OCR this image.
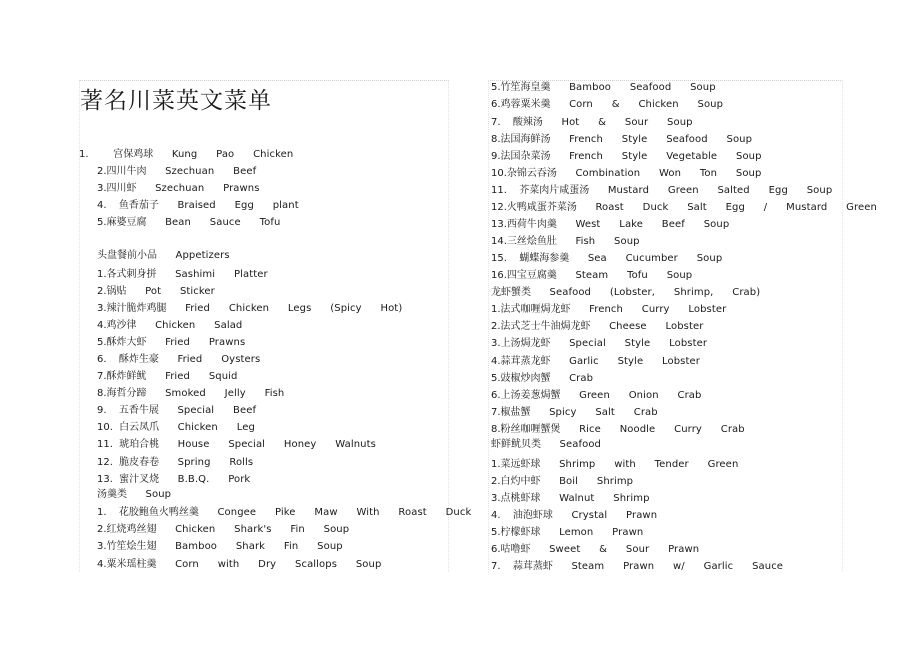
著名川菜英文菜单
1. 宫保鸡球 Kung   Pao   Chicken
2.四川牛肉 Szechuan   Beef
3.四川虾 Szechuan   Prawns
4. 鱼香茄子 Braised   Egg   plant
5.麻婆豆腐 Bean   Sauce   Tofu
头盘餐前小品 Appetizers
1.各式刺身拼 Sashimi   Platter
2.锅贴 Pot   Sticker
3.辣汁脆炸鸡腿 Fried   Chicken   Legs   (Spicy   Hot)
4.鸡沙律 Chicken   Salad
5.酥炸大虾 Fried   Prawns
6. 酥炸生豪 Fried   Oysters
7.酥炸鲜鱿 Fried   Squid
8.海哲分蹄 Smoked   Jelly   Fish
9. 五香牛展 Special   Beef
10. 白云凤爪 Chicken   Leg
11. 琥珀合桃 House   Special   Honey   Walnuts
12. 脆皮春卷 Spring   Rolls
13. 蜜汁叉烧 B.B.Q.   Pork
汤羹类 Soup
1. 花胶鲍鱼火鸭丝羹 Congee   Pike   Maw   With   Roast   Duck
2.红烧鸡丝翅 Chicken   Shark's   Fin   Soup
3.竹笙烩生翅 Bamboo   Shark   Fin   Soup
4.粟米瑶柱羹 Corn   with   Dry   Scallops   Soup
5.竹笙海皇羹 Bamboo   Seafood   Soup
6.鸡蓉粟米羹 Corn   &   Chicken   Soup
7. 酸辣汤 Hot   &   Sour   Soup
8.法国海鲜汤 French   Style   Seafood   Soup
9.法国杂菜汤 French   Style   Vegetable   Soup
10.杂锦云吞汤 Combination   Won   Ton   Soup
11. 芥菜肉片咸蛋汤 Mustard   Green   Salted   Egg   Soup
12.火鸭咸蛋芥菜汤 Roast   Duck   Salt   Egg   /   Mustard   Green
13.西荷牛肉羹 West   Lake   Beef   Soup
14.三丝烩鱼肚 Fish   Soup
15. 蝴蝶海参羹 Sea   Cucumber   Soup
16.四宝豆腐羹 Steam   Tofu   Soup
龙虾蟹类 Seafood   (Lobster,   Shrimp,   Crab)
1.法式咖喱焗龙虾 French   Curry   Lobster
2.法式芝士牛油焗龙虾 Cheese   Lobster
3.上汤焗龙虾 Special   Style   Lobster
4.蒜茸蒸龙虾 Garlic   Style   Lobster
5.豉椒炒肉蟹 Crab
6.上汤姜葱焗蟹 Green   Onion   Crab
7.椒盐蟹 Spicy   Salt   Crab
8.粉丝咖喱蟹煲 Rice   Noodle   Curry   Crab
虾鲜鱿贝类 Seafood
1.菜远虾球 Shrimp   with   Tender   Green
2.白灼中虾 Boil   Shrimp
3.点桃虾球 Walnut   Shrimp
4. 油泡虾球 Crystal   Prawn
5.柠檬虾球 Lemon   Prawn
6.咕噜虾 Sweet   &   Sour   Prawn
7. 蒜茸蒸虾 Steam   Prawn   w/   Garlic   Sauce
